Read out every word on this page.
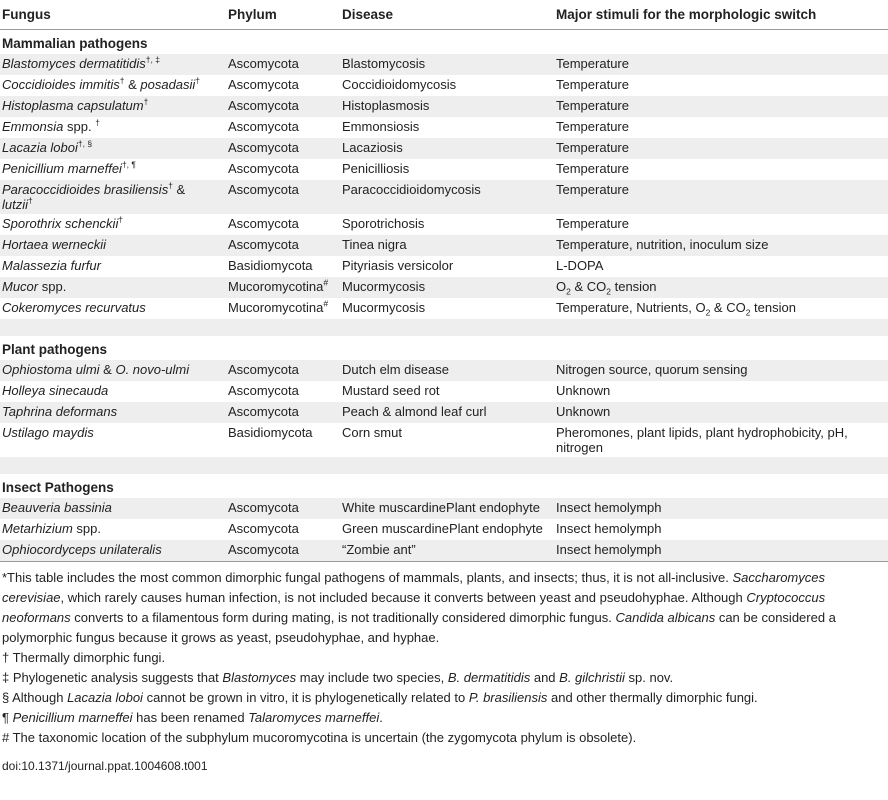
Fungus	Phylum	Disease	Major stimuli for the morphologic switch
Mammalian pathogens			
Blastomyces dermatitidis†, ‡	Ascomycota	Blastomycosis	Temperature
Coccidioides immitis† & posadasii†	Ascomycota	Coccidioidomycosis	Temperature
Histoplasma capsulatum†	Ascomycota	Histoplasmosis	Temperature
Emmonsia spp. †	Ascomycota	Emmonsiosis	Temperature
Lacazia loboi†, §	Ascomycota	Lacaziosis	Temperature
Penicillium marneffei†, ¶	Ascomycota	Penicilliosis	Temperature
Paracoccidioides brasiliensis† &
lutzii†	Ascomycota	Paracoccidioidomycosis	Temperature
Sporothrix schenckii†	Ascomycota	Sporotrichosis	Temperature
Hortaea werneckii	Ascomycota	Tinea nigra	Temperature, nutrition, inoculum size
Malassezia furfur	Basidiomycota	Pityriasis versicolor	L-DOPA
Mucor spp.	Mucoromycotina#	Mucormycosis	$O_2$ & $CO_2$ tension
Cokeromyces recurvatus	Mucoromycotina#	Mucormycosis	Temperature, Nutrients, $O_2$ & $CO_2$ tension

Plant pathogens			
Ophiostoma ulmi & O. novo-ulmi	Ascomycota	Dutch elm disease	Nitrogen source, quorum sensing
Holleya sinecauda	Ascomycota	Mustard seed rot	Unknown
Taphrina deformans	Ascomycota	Peach & almond leaf curl	Unknown
Ustilago maydis	Basidiomycota	Corn smut	Pheromones, plant lipids, plant hydrophobicity, pH, nitrogen

Insect Pathogens			
Beauveria bassinia	Ascomycota	White muscardinePlant endophyte	Insect hemolymph
Metarhizium spp.	Ascomycota	Green muscardinePlant endophyte	Insect hemolymph
Ophiocordyceps unilateralis	Ascomycota	“Zombie ant”	Insect hemolymph

*This table includes the most common dimorphic fungal pathogens of mammals, plants, and insects; thus, it is not all-inclusive. Saccharomyces cerevisiae, which rarely causes human infection, is not included because it converts between yeast and pseudohyphae. Although Cryptococcus neoformans converts to a filamentous form during mating, is not traditionally considered dimorphic fungus. Candida albicans can be considered a polymorphic fungus because it grows as yeast, pseudohyphae, and hyphae.

† Thermally dimorphic fungi.

‡ Phylogenetic analysis suggests that Blastomyces may include two species, B. dermatitidis and B. gilchristii sp. nov.

§ Although Lacazia loboi cannot be grown in vitro, it is phylogenetically related to P. brasiliensis and other thermally dimorphic fungi.

¶ Penicillium marneffei has been renamed Talaromyces marneffei.

# The taxonomic location of the subphylum mucoromycotina is uncertain (the zygomycota phylum is obsolete).

doi:10.1371/journal.ppat.1004608.t001
